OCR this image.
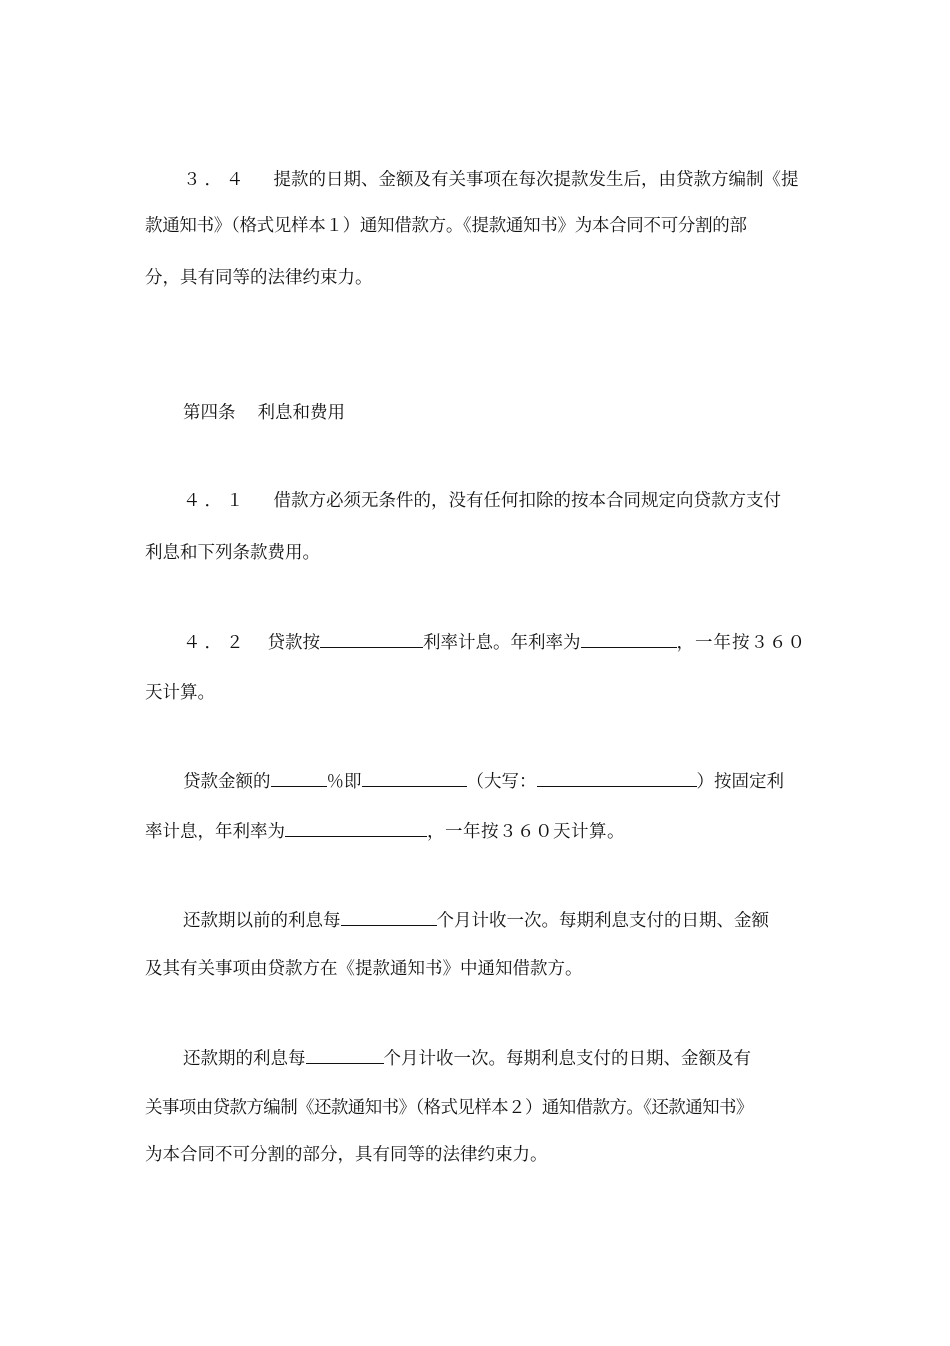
３．４ 提款的日期、金额及有关事项在每次提款发生后，由贷款方编制《提
款通知书》（格式见样本１）通知借款方。《提款通知书》为本合同不可分割的部
分，具有同等的法律约束力。
第四条 利息和费用
４．１ 借款方必须无条件的，没有任何扣除的按本合同规定向贷款方支付
利息和下列条款费用。
４．２ 贷款按	利率计息。年利率为	，一年按３６０
天计算。
贷款金额的	％即	（大写：	）按固定利
率计息，年利率为	，一年按３６０天计算。
还款期以前的利息每	个月计收一次。每期利息支付的日期、金额
及其有关事项由贷款方在《提款通知书》中通知借款方。
还款期的利息每	个月计收一次。每期利息支付的日期、金额及有
关事项由贷款方编制《还款通知书》（格式见样本２）通知借款方。《还款通知书》
为本合同不可分割的部分，具有同等的法律约束力。
